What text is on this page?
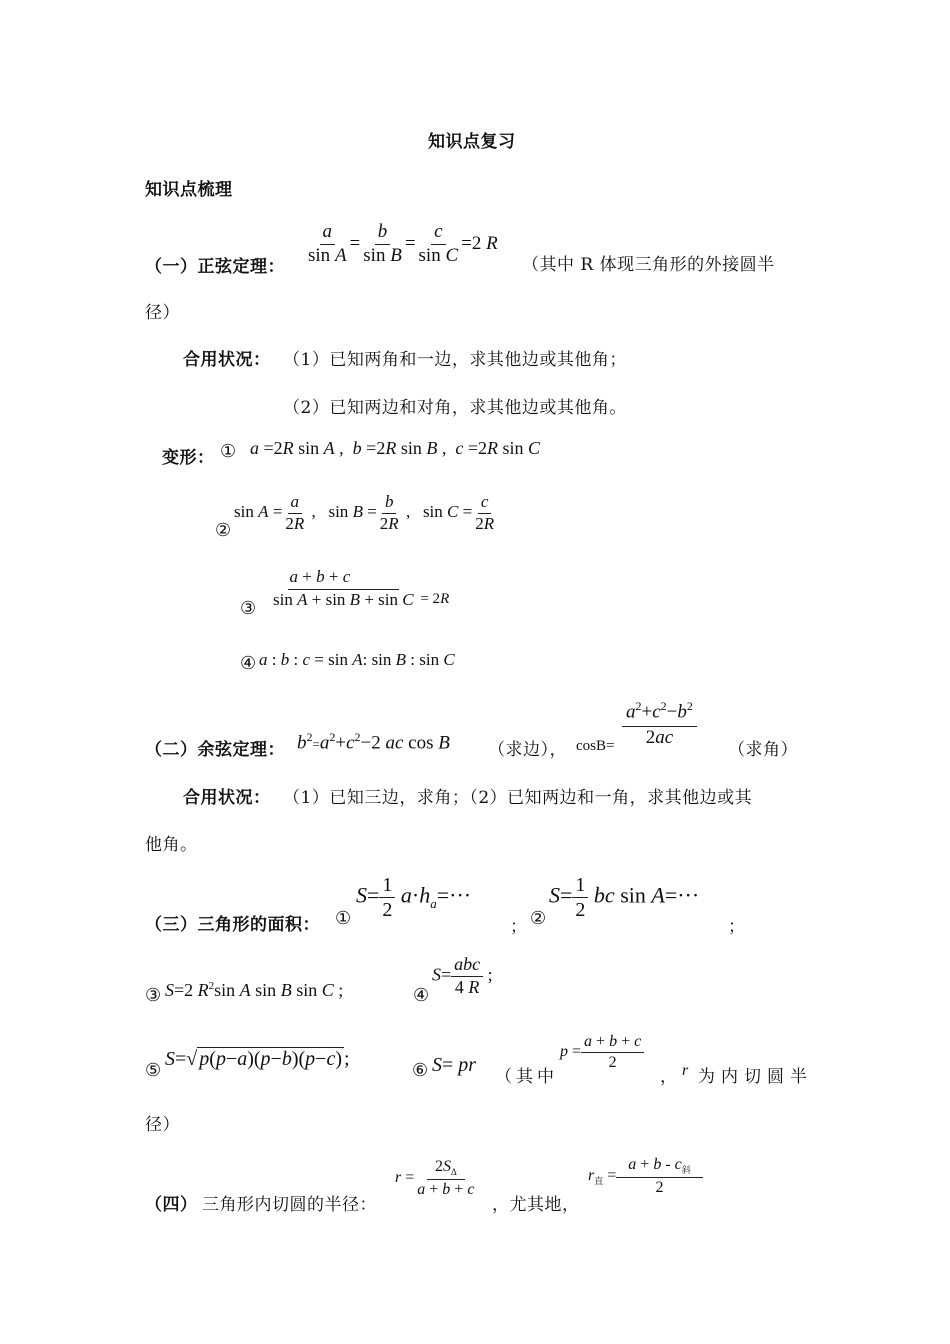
知识点复习
知识点梳理
（一）正弦定理：
$\frac{a}{\text{sin A}} = \frac{b}{\text{sin B}} = \frac{c}{\text{sin C}} =2$ R
（其中 R 体现三角形的外接圆半
径）
合用状况： （1）已知两角和一边，求其他边或其他角；
（2）已知两边和对角，求其他边或其他角。
变形： ① a =2R sin A ,  b =2R sin B ,  c =2R sin C
②
$\sin A = \frac{a}{2R}$ ,   $\sin B = \frac{b}{2R}$ ,   $\sin C = \frac{c}{2R}$
③ $\frac{a + b + c}{\text{sin A + sin B + sin C}} = 2R$
④ a : b : c = sin A: sin B : sin C
（二）余弦定理： $b^2=a^2+c^2-2$ ac cos B （求边）， $\cos B= \frac{a^2+c^2-b^2}{2ac}$
（求角）
合用状况： （1）已知三边，求角；（2）已知两边和一角，求其他边或其
他角。
（三）三角形的面积： ①
$S= \frac{1}{2} a\cdot h_a=\cdot\cdot\cdot$
； ②
$S= \frac{1}{2}$ bc sin A=···
；
③ S=2 $R^2\sin$ A sin B sin C ;	④
$S= \frac{\text{abc}}{4 R}$ ;
⑤
S=√ p(p−a)(p−b)(p−c) ;
⑥ S= pr
（其中
$p = \frac{a + b + c}{2}$
， r 为内切圆半
径）
（四） 三角形内切圆的半径：
$r = \frac{2S_\Delta}{a + b + c}$
，尤其地，
$r_直 = \frac{a + b - c_斜}{2}$
